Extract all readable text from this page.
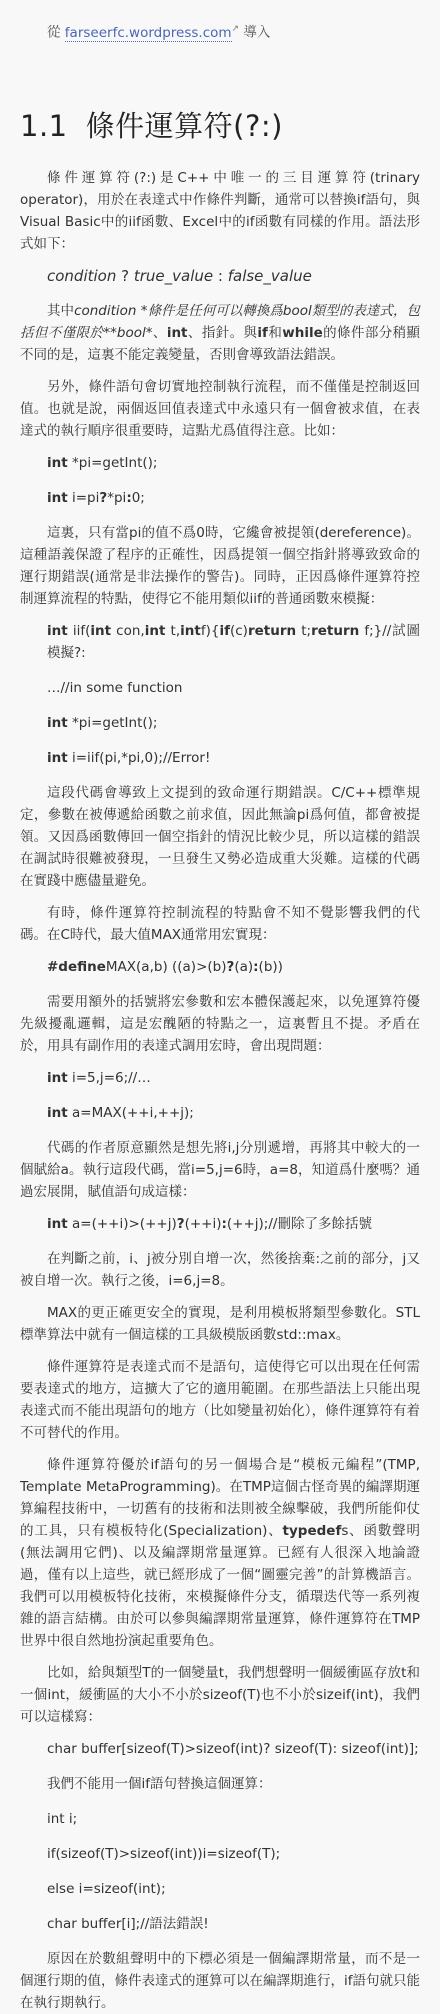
從 farseerfc.wordpress.com↗ 導入
1.1 條件運算符(?:)

條件運算符(?:)是C++中唯一的三目運算符(trinary operator)，用於在表達式中作條件判斷，通常可以替換if語句，與Visual Basic中的iif函數、Excel中的if函數有同樣的作用。語法形式如下：

condition ? true_value : false_value

其中condition *條件是任何可以轉換爲bool類型的表達式，包括但不僅限於**bool*、int、指針。與if和while的條件部分稍顯不同的是，這裏不能定義變量，否則會導致語法錯誤。

另外，條件語句會切實地控制執行流程，而不僅僅是控制返回值。也就是說，兩個返回值表達式中永遠只有一個會被求值，在表達式的執行順序很重要時，這點尤爲值得注意。比如：

int *pi=getInt();

int i=pi?*pi:0;

這裏，只有當pi的值不爲0時，它纔會被提領(dereference)。這種語義保證了程序的正確性，因爲提領一個空指針將導致致命的運行期錯誤(通常是非法操作的警告)。同時，正因爲條件運算符控制運算流程的特點，使得它不能用類似iif的普通函數來模擬：

int iif(int con,int t,intf){if(c)return t;return f;}//試圖模擬?:

…//in some function

int *pi=getInt();

int i=iif(pi,*pi,0);//Error!

這段代碼會導致上文提到的致命運行期錯誤。C/C++標準規定，參數在被傳遞給函數之前求值，因此無論pi爲何值，都會被提領。又因爲函數傳回一個空指針的情況比較少見，所以這樣的錯誤在調試時很難被發現，一旦發生又勢必造成重大災難。這樣的代碼在實踐中應儘量避免。

有時，條件運算符控制流程的特點會不知不覺影響我們的代碼。在C時代，最大值MAX通常用宏實現：

#defineMAX(a,b) ((a)>(b)?(a):(b))

需要用額外的括號將宏參數和宏本體保護起來，以免運算符優先級擾亂邏輯，這是宏醜陋的特點之一，這裏暫且不提。矛盾在於，用具有副作用的表達式調用宏時，會出現問題：

int i=5,j=6;//…

int a=MAX(++i,++j);

代碼的作者原意顯然是想先將i,j分別遞增，再將其中較大的一個賦給a。執行這段代碼，當i=5,j=6時，a=8，知道爲什麼嗎？通過宏展開，賦值語句成這樣：

int a=(++i)>(++j)?(++i):(++j);//刪除了多餘括號

在判斷之前，i、j被分別自增一次，然後捨棄:之前的部分，j又被自增一次。執行之後，i=6,j=8。

MAX的更正確更安全的實現，是利用模板將類型參數化。STL標準算法中就有一個這樣的工具級模版函數std::max。

條件運算符是表達式而不是語句，這使得它可以出現在任何需要表達式的地方，這擴大了它的適用範圍。在那些語法上只能出現表達式而不能出現語句的地方（比如變量初始化），條件運算符有着不可替代的作用。

條件運算符優於if語句的另一個場合是“模板元編程”(TMP, Template MetaProgramming)。在TMP這個古怪奇異的編譯期運算編程技術中，一切舊有的技術和法則被全線擊破，我們所能仰仗的工具，只有模板特化(Specialization)、typedefs、函數聲明(無法調用它們)、以及編譯期常量運算。已經有人很深入地論證過，僅有以上這些，就已經形成了一個“圖靈完善”的計算機語言。我們可以用模板特化技術，來模擬條件分支，循環迭代等一系列複雜的語言結構。由於可以參與編譯期常量運算，條件運算符在TMP世界中很自然地扮演起重要角色。

比如，給與類型T的一個變量t，我們想聲明一個緩衝區存放t和一個int，緩衝區的大小不小於sizeof(T)也不小於sizeif(int)，我們可以這樣寫：

char buffer[sizeof(T)>sizeof(int)? sizeof(T): sizeof(int)];

我們不能用一個if語句替換這個運算：

int i;

if(sizeof(T)>sizeof(int))i=sizeof(T);

else i=sizeof(int);

char buffer[i];//語法錯誤!

原因在於數組聲明中的下標必須是一個編譯期常量，而不是一個運行期的值，條件表達式的運算可以在編譯期進行，if語句就只能在執行期執行。
